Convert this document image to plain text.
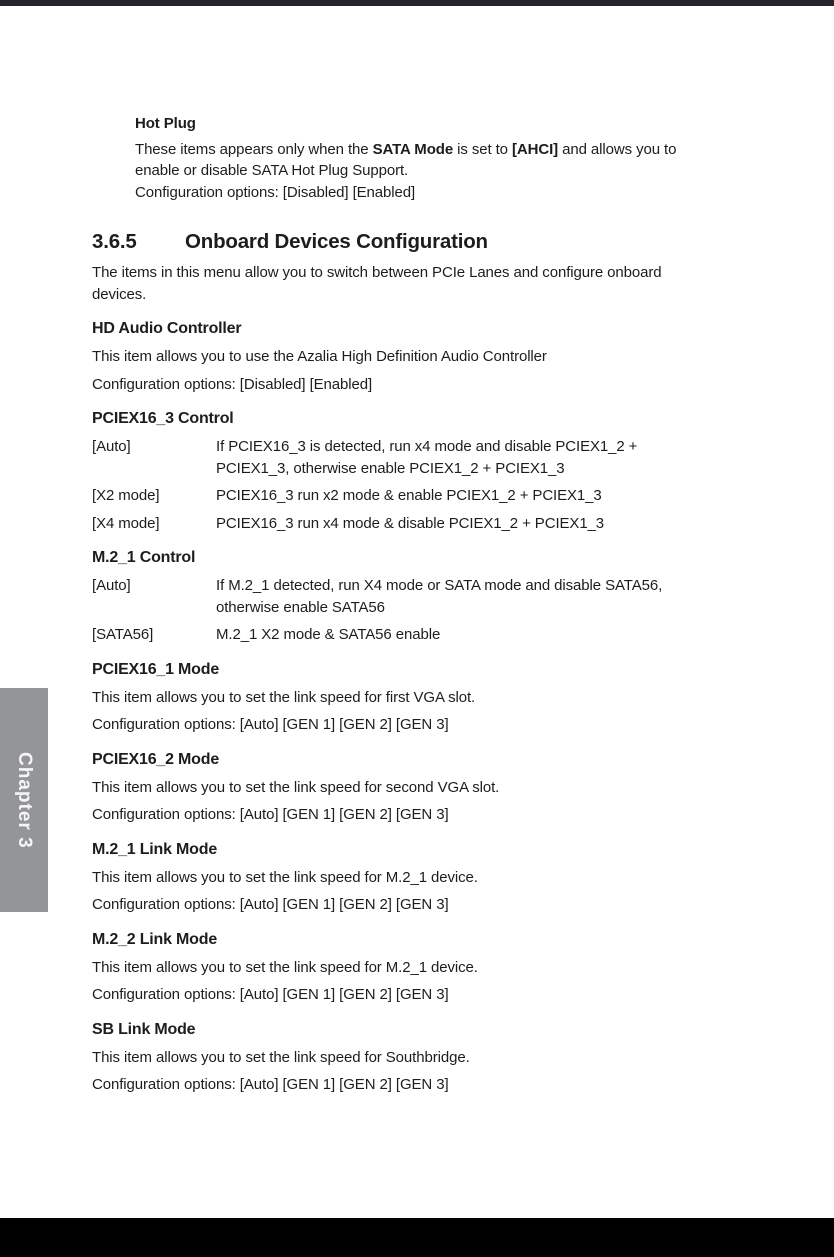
Chapter 3
Hot Plug
These items appears only when the SATA Mode is set to [AHCI] and allows you to enable or disable SATA Hot Plug Support.
Configuration options: [Disabled] [Enabled]
3.6.5	Onboard Devices Configuration

The items in this menu allow you to switch between PCIe Lanes and configure onboard devices.

HD Audio Controller

This item allows you to use the Azalia High Definition Audio Controller

Configuration options: [Disabled] [Enabled]

PCIEX16_3 Control
[Auto]	If PCIEX16_3 is detected, run x4 mode and disable PCIEX1_2 + PCIEX1_3, otherwise enable PCIEX1_2 + PCIEX1_3
[X2 mode]	PCIEX16_3 run x2 mode & enable PCIEX1_2 + PCIEX1_3
[X4 mode]	PCIEX16_3 run x4 mode & disable PCIEX1_2 + PCIEX1_3
M.2_1 Control
[Auto]	If M.2_1 detected, run X4 mode or SATA mode and disable SATA56, otherwise enable SATA56
[SATA56]	M.2_1 X2 mode & SATA56 enable
PCIEX16_1 Mode

This item allows you to set the link speed for first VGA slot.

Configuration options: [Auto] [GEN 1] [GEN 2] [GEN 3]

PCIEX16_2 Mode

This item allows you to set the link speed for second VGA slot.

Configuration options: [Auto] [GEN 1] [GEN 2] [GEN 3]

M.2_1 Link Mode

This item allows you to set the link speed for M.2_1 device.

Configuration options: [Auto] [GEN 1] [GEN 2] [GEN 3]

M.2_2 Link Mode

This item allows you to set the link speed for M.2_1 device.

Configuration options: [Auto] [GEN 1] [GEN 2] [GEN 3]

SB Link Mode

This item allows you to set the link speed for Southbridge.

Configuration options: [Auto] [GEN 1] [GEN 2] [GEN 3]
